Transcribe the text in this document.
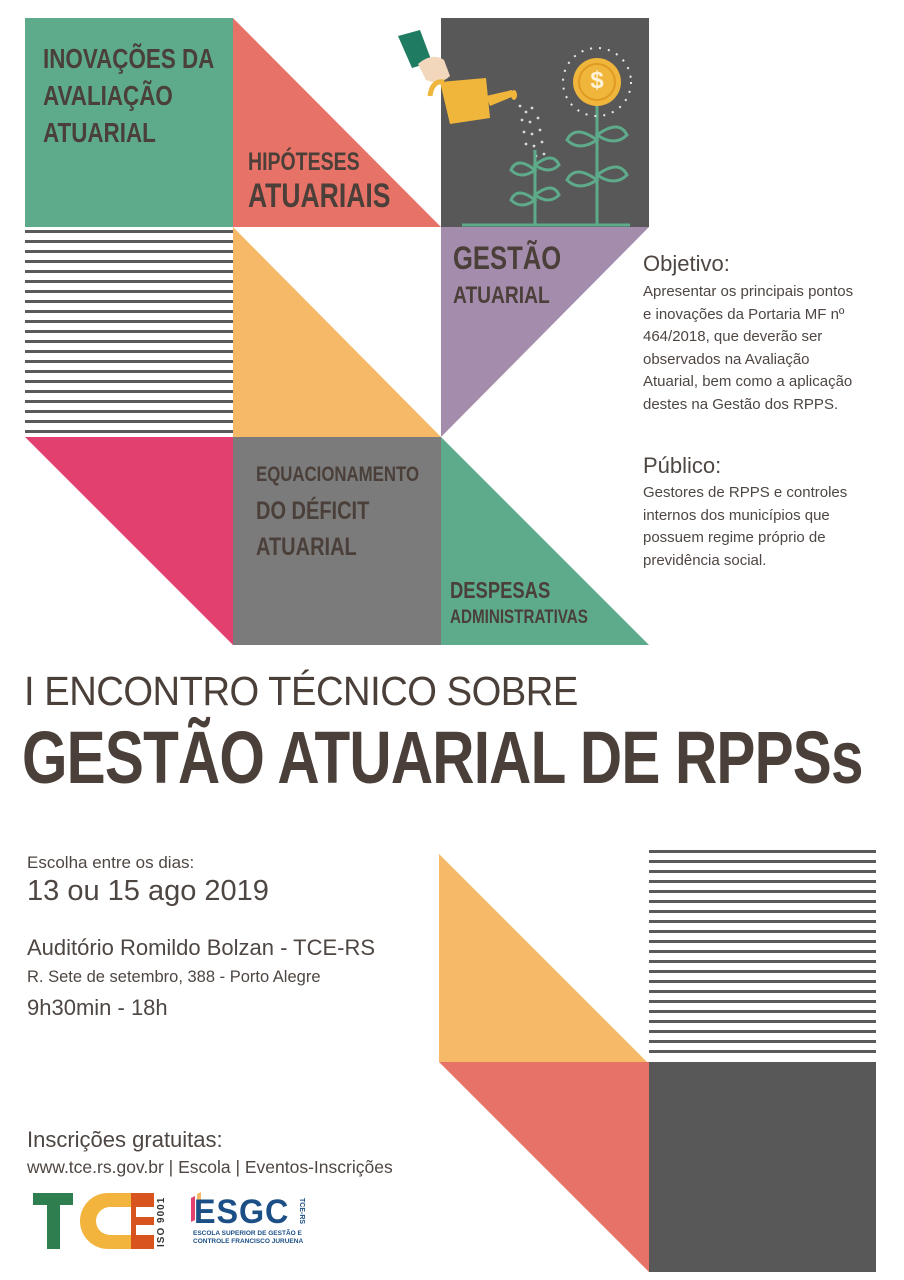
$
INOVAÇÕES DA
AVALIAÇÃO
ATUARIAL
HIPÓTESES
ATUARIAIS
GESTÃO
ATUARIAL
EQUACIONAMENTO
DO DÉFICIT
ATUARIAL
DESPESAS
ADMINISTRATIVAS
Objetivo:
Apresentar os principais pontos
e inovações da Portaria MF nº
464/2018, que deverão ser
observados na Avaliação
Atuarial, bem como a aplicação
destes na Gestão dos RPPS.
Público:
Gestores de RPPS e controles
internos dos municípios que
possuem regime próprio de
previdência social.
I ENCONTRO TÉCNICO SOBRE
GESTÃO ATUARIAL DE RPPSs
Escolha entre os dias:
13 ou 15 ago 2019
Auditório Romildo Bolzan - TCE-RS
R. Sete de setembro, 388 - Porto Alegre
9h30min - 18h
Inscrições gratuitas:
www.tce.rs.gov.br | Escola | Eventos-Inscrições
ISO 9001 ESGC TCE-RS
ESCOLA SUPERIOR DE GESTÃO E
CONTROLE FRANCISCO JURUENA
